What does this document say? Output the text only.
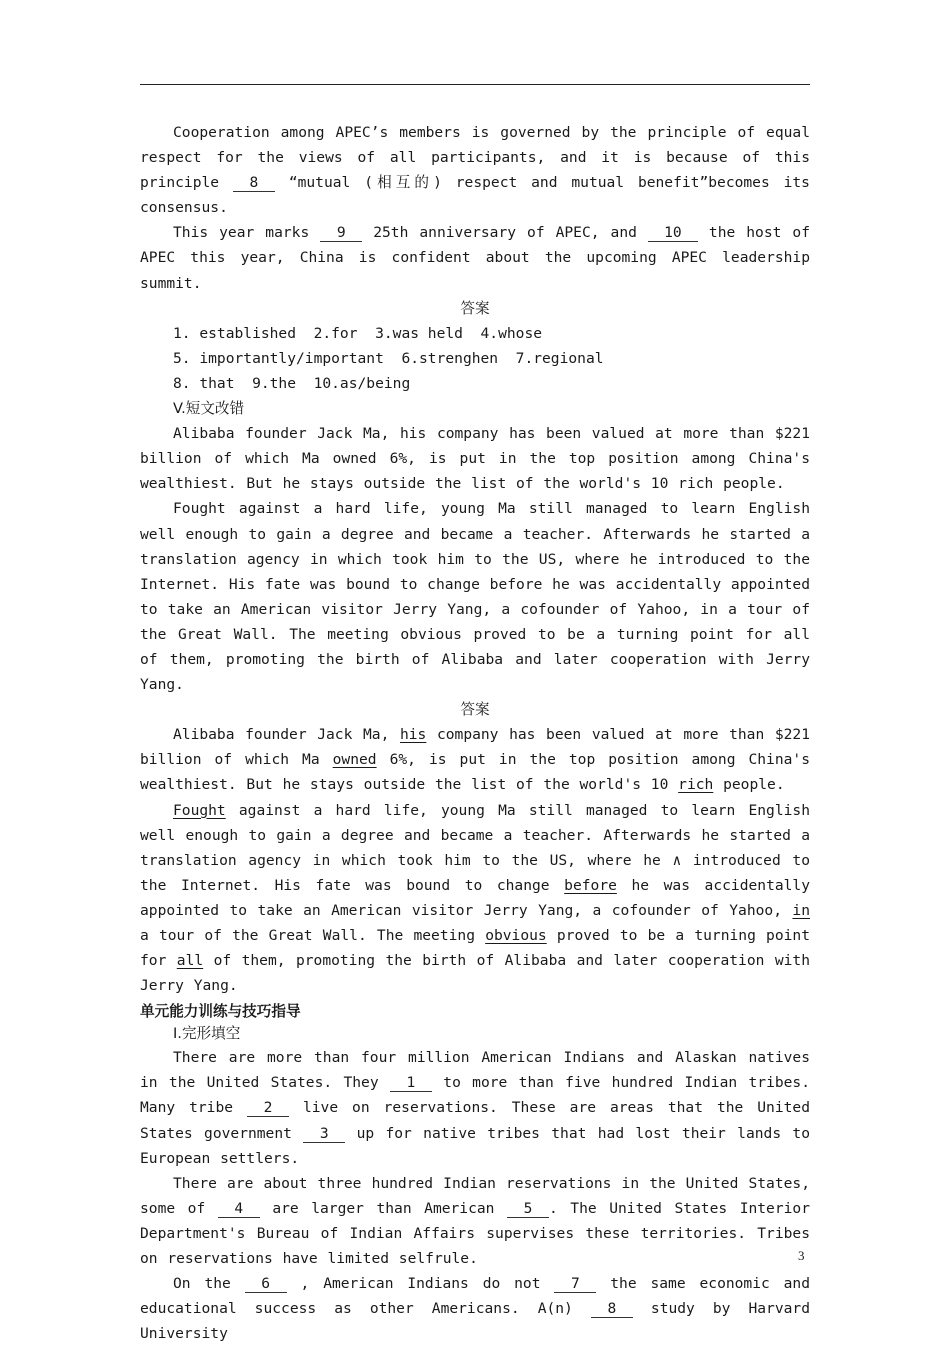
Cooperation among APEC’s members is governed by the principle of equal respect for the views of all participants, and it is because of this principle 8 “mutual (相互的) respect and mutual benefit”becomes its consensus.

This year marks 9 25th anniversary of APEC, and 10 the host of APEC this year, China is confident about the upcoming APEC leadership summit.

答案
1. established  2.for  3.was held  4.whose
5. importantly/important  6.strenghen  7.regional
8. that  9.the  10.as/being
V.短文改错

Alibaba founder Jack Ma, his company has been valued at more than $221 billion of which Ma owned 6%, is put in the top position among China's wealthiest. But he stays outside the list of the world's 10 rich people.

Fought against a hard life, young Ma still managed to learn English well enough to gain a degree and became a teacher. Afterwards he started a translation agency in which took him to the US, where he introduced to the Internet. His fate was bound to change before he was accidentally appointed to take an American visitor Jerry Yang, a cofounder of Yahoo, in a tour of the Great Wall. The meeting obvious proved to be a turning point for all of them, promoting the birth of Alibaba and later cooperation with Jerry Yang.

答案

Alibaba founder Jack Ma, his company has been valued at more than $221 billion of which Ma owned 6%, is put in the top position among China's wealthiest. But he stays outside the list of the world's 10 rich people.

Fought against a hard life, young Ma still managed to learn English well enough to gain a degree and became a teacher. Afterwards he started a translation agency in which took him to the US, where he ∧ introduced to the Internet. His fate was bound to change before he was accidentally appointed to take an American visitor Jerry Yang, a cofounder of Yahoo, in a tour of the Great Wall. The meeting obvious proved to be a turning point for all of them, promoting the birth of Alibaba and later cooperation with Jerry Yang.

单元能力训练与技巧指导
Ⅰ.完形填空

There are more than four million American Indians and Alaskan natives in the United States. They 1 to more than five hundred Indian tribes. Many tribe 2 live on reservations. These are areas that the United States government 3 up for native tribes that had lost their lands to European settlers.

There are about three hundred Indian reservations in the United States, some of 4 are larger than American 5 . The United States Interior Department's Bureau of Indian Affairs supervises these territories. Tribes on reservations have limited selfrule.

On the 6 , American Indians do not 7 the same economic and educational success as other Americans. A(n) 8 study by Harvard University

3
